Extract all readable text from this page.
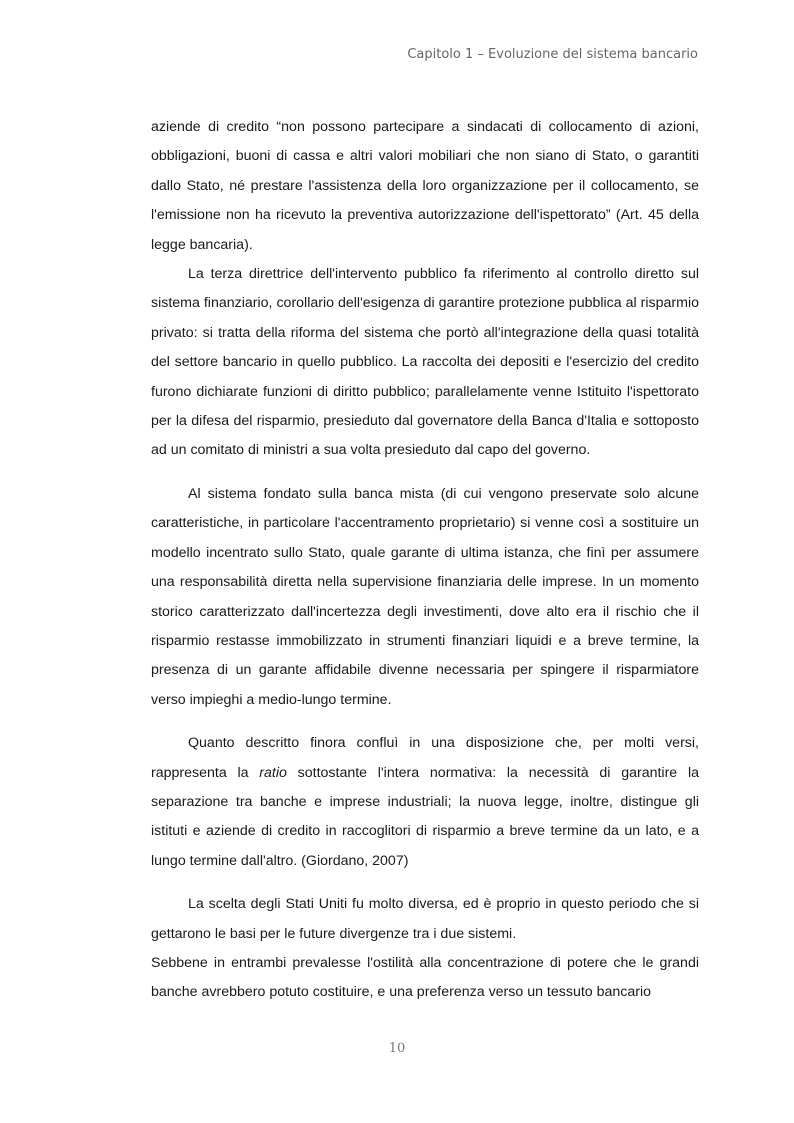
Capitolo 1 – Evoluzione del sistema bancario

aziende di credito “non possono partecipare a sindacati di collocamento di azioni, obbligazioni, buoni di cassa e altri valori mobiliari che non siano di Stato, o garantiti dallo Stato, né prestare l'assistenza della loro organizzazione per il collocamento, se l'emissione non ha ricevuto la preventiva autorizzazione dell'ispettorato” (Art. 45 della legge bancaria).

La terza direttrice dell'intervento pubblico fa riferimento al controllo diretto sul sistema finanziario, corollario dell'esigenza di garantire protezione pubblica al risparmio privato: si tratta della riforma del sistema che portò all'integrazione della quasi totalità del settore bancario in quello pubblico. La raccolta dei depositi e l'esercizio del credito furono dichiarate funzioni di diritto pubblico; parallelamente venne Istituito l'ispettorato per la difesa del risparmio, presieduto dal governatore della Banca d'Italia e sottoposto ad un comitato di ministri a sua volta presieduto dal capo del governo.

Al sistema fondato sulla banca mista (di cui vengono preservate solo alcune caratteristiche, in particolare l'accentramento proprietario) si venne così a sostituire un modello incentrato sullo Stato, quale garante di ultima istanza, che finì per assumere una responsabilità diretta nella supervisione finanziaria delle imprese. In un momento storico caratterizzato dall'incertezza degli investimenti, dove alto era il rischio che il risparmio restasse immobilizzato in strumenti finanziari liquidi e a breve termine, la presenza di un garante affidabile divenne necessaria per spingere il risparmiatore verso impieghi a medio-lungo termine.

Quanto descritto finora confluì in una disposizione che, per molti versi, rappresenta la ratio sottostante l'intera normativa: la necessità di garantire la separazione tra banche e imprese industriali; la nuova legge, inoltre, distingue gli istituti e aziende di credito in raccoglitori di risparmio a breve termine da un lato, e a lungo termine dall'altro. (Giordano, 2007)

La scelta degli Stati Uniti fu molto diversa, ed è proprio in questo periodo che si gettarono le basi per le future divergenze tra i due sistemi.

Sebbene in entrambi prevalesse l'ostilità alla concentrazione di potere che le grandi banche avrebbero potuto costituire, e una preferenza verso un tessuto bancario

10
